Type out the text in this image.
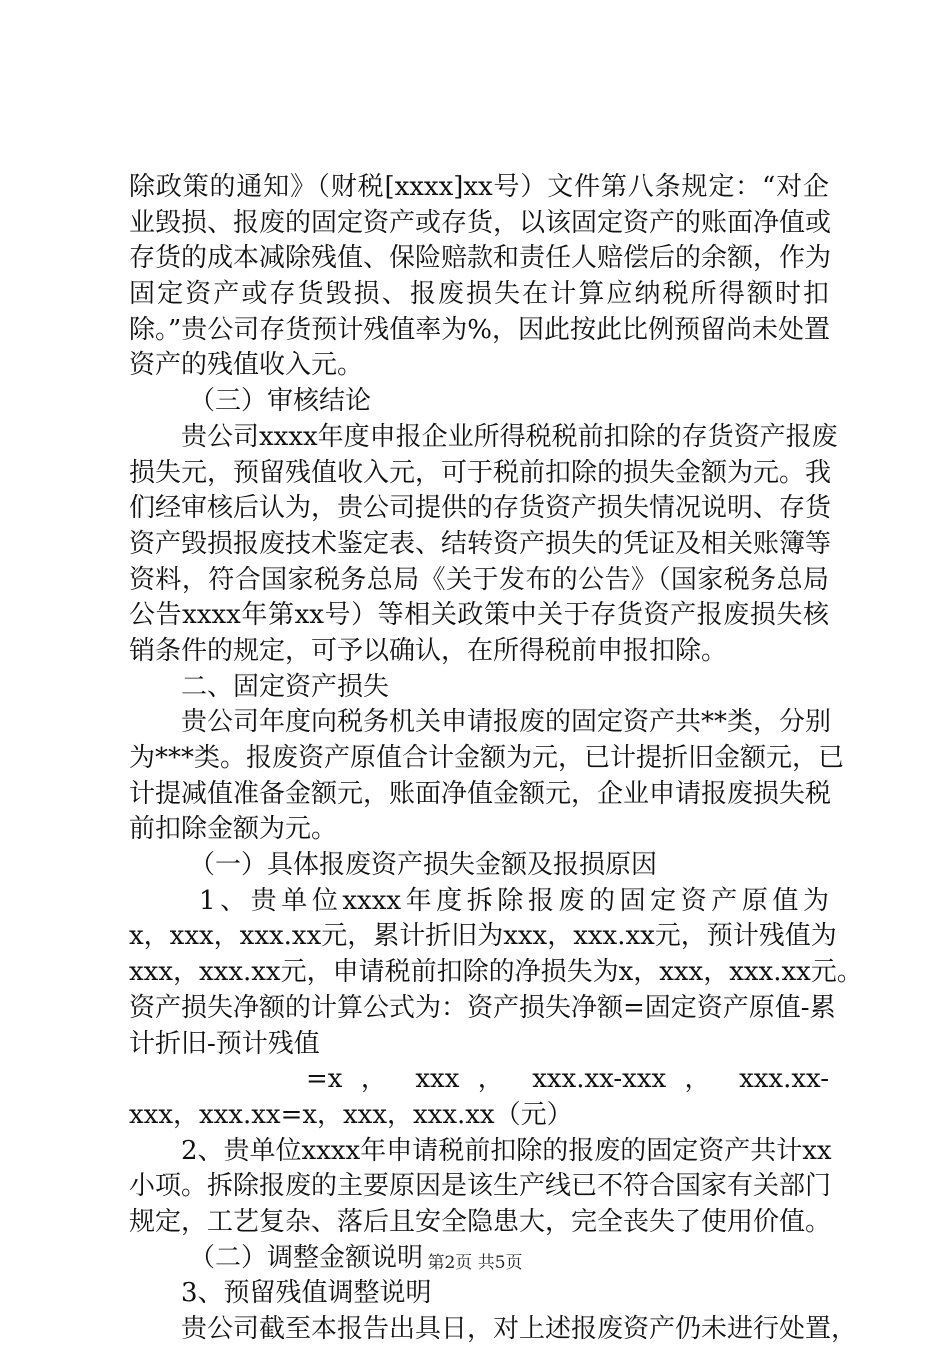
除政策的通知》（财税[xxxx]xx号）文件第八条规定：“对企
业毁损、报废的固定资产或存货，以该固定资产的账面净值或
存货的成本减除残值、保险赔款和责任人赔偿后的余额，作为
固定资产或存货毁损、报废损失在计算应纳税所得额时扣
除。”贵公司存货预计残值率为%，因此按此比例预留尚未处置
资产的残值收入元。
（三）审核结论
贵公司xxxx年度申报企业所得税税前扣除的存货资产报废
损失元，预留残值收入元，可于税前扣除的损失金额为元。我
们经审核后认为，贵公司提供的存货资产损失情况说明、存货
资产毁损报废技术鉴定表、结转资产损失的凭证及相关账簿等
资料，符合国家税务总局《关于发布的公告》（国家税务总局
公告xxxx年第xx号）等相关政策中关于存货资产报废损失核
销条件的规定，可予以确认，在所得税前申报扣除。
二、固定资产损失
贵公司年度向税务机关申请报废的固定资产共**类，分别
为***类。报废资产原值合计金额为元，已计提折旧金额元，已
计提减值准备金额元，账面净值金额元，企业申请报废损失税
前扣除金额为元。
（一）具体报废资产损失金额及报损原因
1、贵单位xxxx年度拆除报废的固定资产原值为
x，xxx，xxx.xx元，累计折旧为xxx，xxx.xx元，预计残值为
xxx，xxx.xx元，申请税前扣除的净损失为x，xxx，xxx.xx元。
资产损失净额的计算公式为：资产损失净额=固定资产原值-累
计折旧-预计残值
=x ， xxx ， xxx.xx-xxx ， xxx.xx-
xxx，xxx.xx=x，xxx，xxx.xx（元）
2、贵单位xxxx年申请税前扣除的报废的固定资产共计xx
小项。拆除报废的主要原因是该生产线已不符合国家有关部门
规定，工艺复杂、落后且安全隐患大，完全丧失了使用价值。
（二）调整金额说明
3、预留残值调整说明
贵公司截至本报告出具日，对上述报废资产仍未进行处置，
第2页 共5页
